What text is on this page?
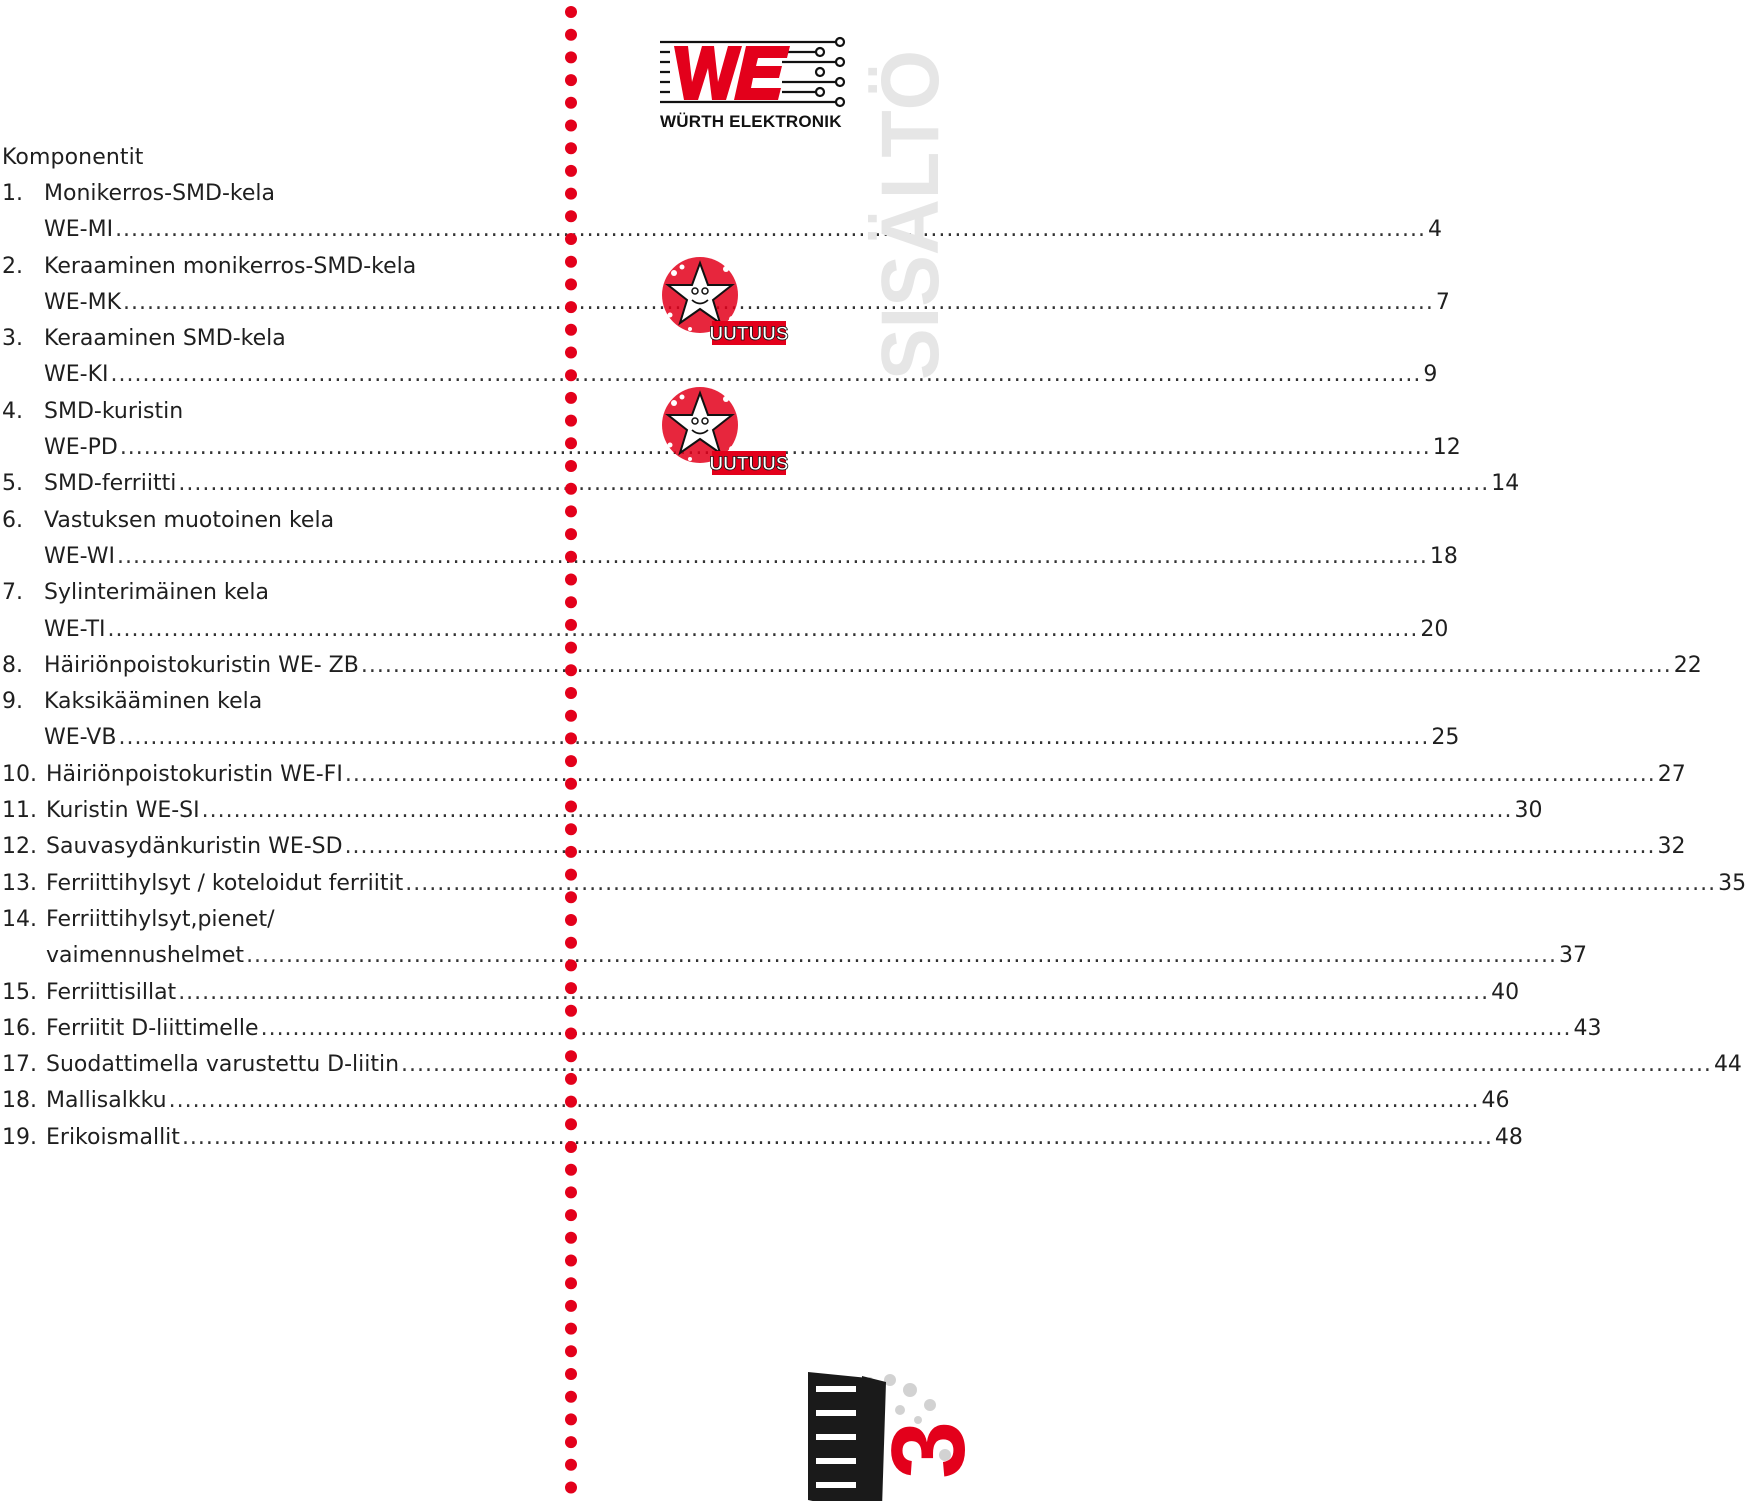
Komponentit
1. Monikerros-SMD-kela
WE-MI .....	4
2. Keraaminen monikerros-SMD-kela
WE-MK .....	7
3. Keraaminen SMD-kela
WE-KI .....	9
4. SMD-kuristin
WE-PD .....	12
5. SMD-ferriitti .....	14
6. Vastuksen muotoinen kela
WE-WI .....	18
7. Sylinterimäinen kela
WE-TI .....	20
8. Häiriönpoistokuristin WE- ZB .....	22
9. Kaksikääminen kela
WE-VB .....	25
10. Häiriönpoistokuristin WE-FI .....	27
11. Kuristin WE-SI .....	30
12. Sauvasydänkuristin WE-SD .....	32
13. Ferriittihylsyt / koteloidut ferriitit .....	35
14. Ferriittihylsyt,pienet/
vaimennushelmet .....	37
15. Ferriittisillat .....	40
16. Ferriitit D-liittimelle .....	43
17. Suodattimella varustettu D-liitin .....	44
18. Mallisalkku .....	46
19. Erikoismallit .....	48
WÜRTH ELEKTRONIK SISÄLTÖ
UUTUUS
UUTUUS
3
